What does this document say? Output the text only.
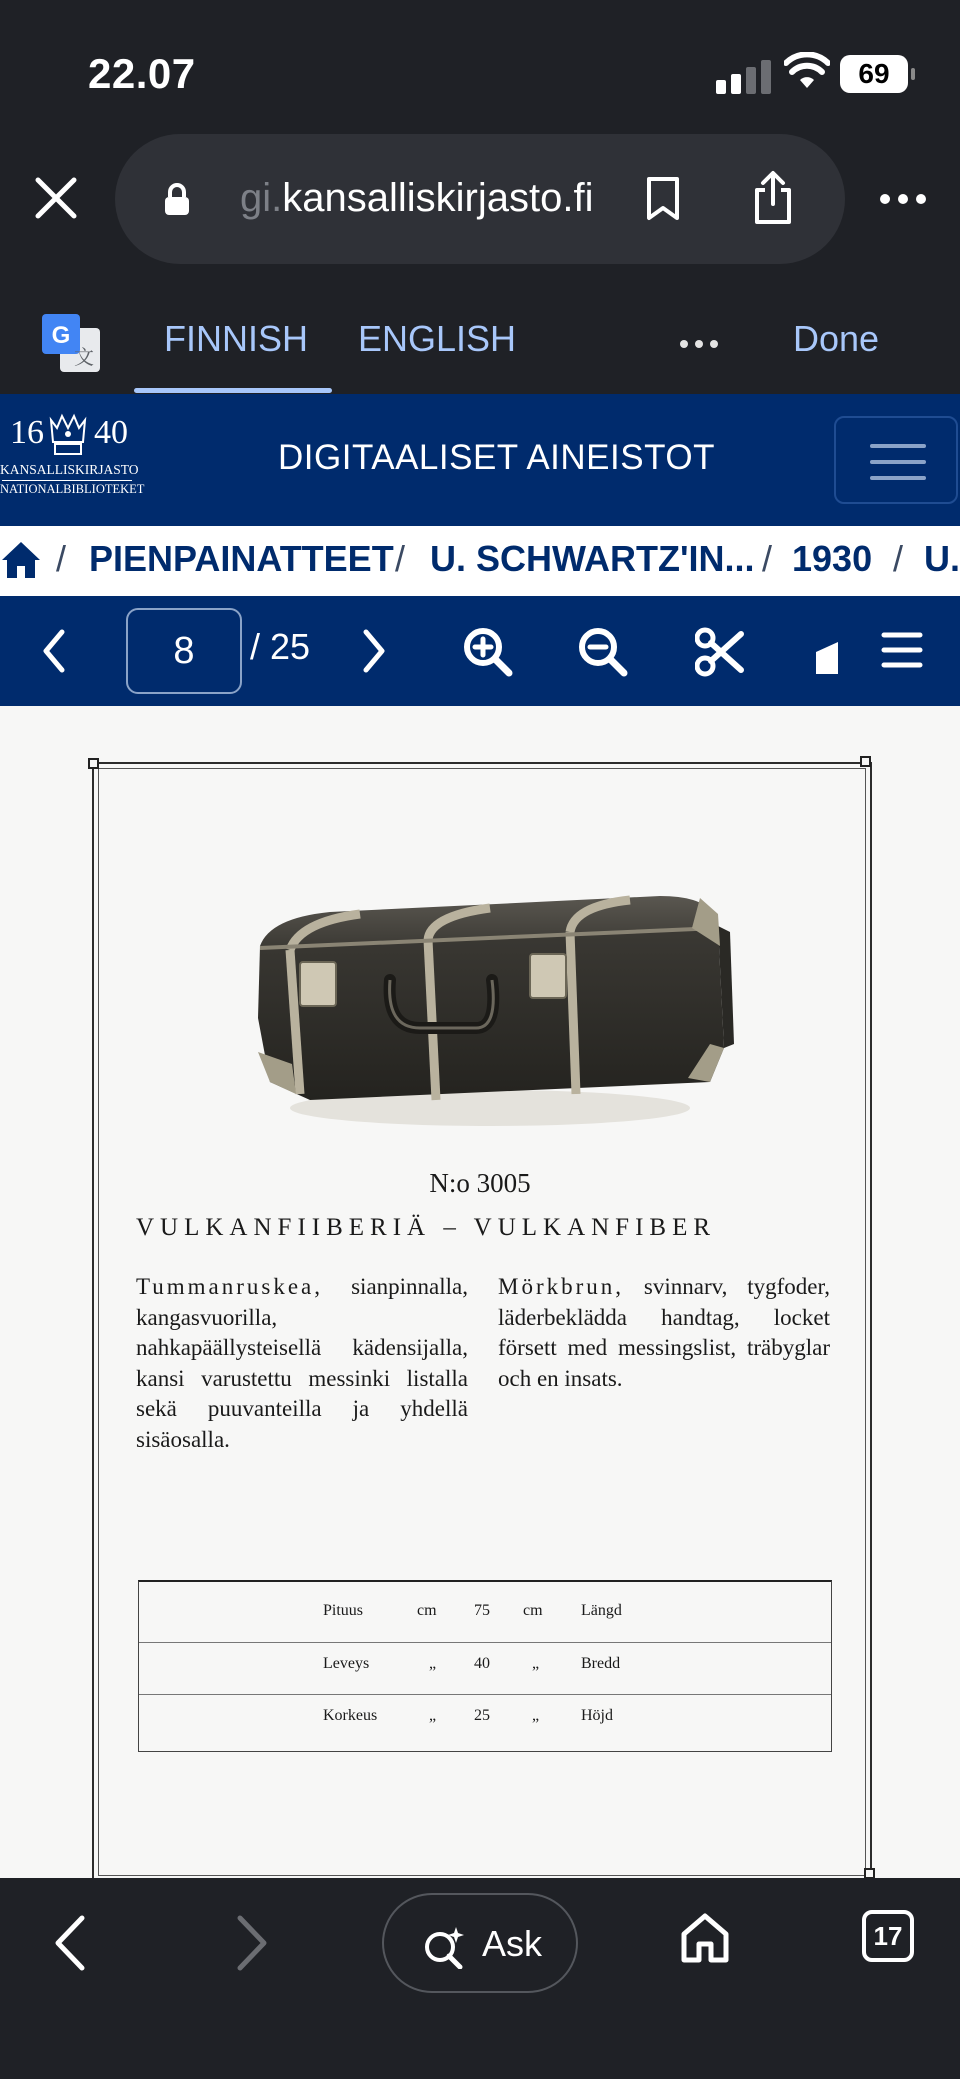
22.07	69
gi.kansalliskirjasto.fi
G
文 FINNISH ENGLISH	Done
16 40
KANSALLISKIRJASTO
NATIONALBIBLIOTEKET
DIGITAALISET AINEISTOT
/ PIENPAINATTEET / U. SCHWARTZ'IN... / 1930 / U.
8	/ 25
N:o 3005
VULKANFIIBERIÄ – VULKANFIBER
Tummanruskea, sianpinnalla, kangasvuorilla, nahkapäällysteisellä kädensijalla, kansi varustettu messinki listalla sekä puuvanteilla ja yhdellä sisäosalla.
Mörkbrun, svinnarv, tygfoder, läderbeklädda handtag, locket försett med messingslist, träbyglar och en insats.
Pituus	cm 75 cm Längd
Leveys	„ 40	„	Bredd
Korkeus	„ 25	„	Höjd
Ask	17
